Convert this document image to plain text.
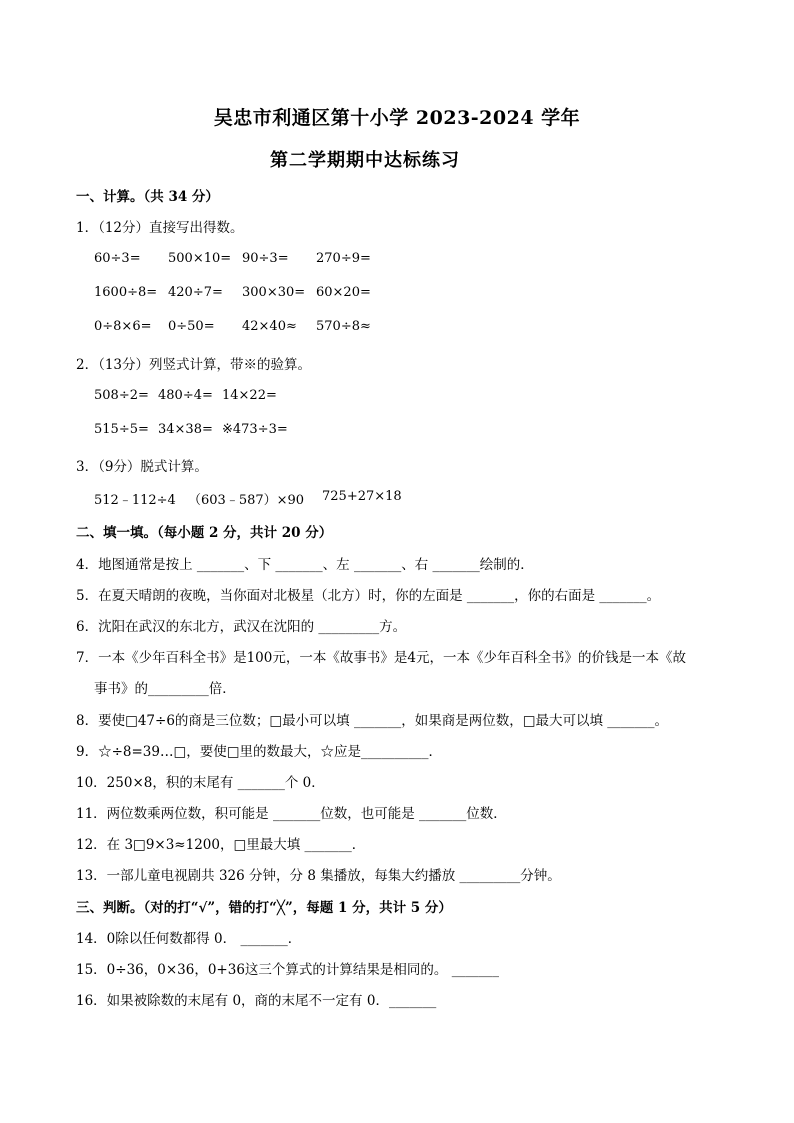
吴忠市利通区第十小学 2023-2024 学年
第二学期期中达标练习
一、计算。（共 34 分）
1．（12分）直接写出得数。
60÷3= 500×10= 90÷3= 270÷9=
1600÷8= 420÷7= 300×30= 60×20=
0÷8×6= 0÷50= 42×40≈ 570÷8≈
2．（13分）列竖式计算，带※的验算。
508÷2= 480÷4= 14×22=
515÷5= 34×38= ※473÷3=
3．（9分）脱式计算。
512﹣112÷4 （603﹣587）×90 725+27×18
二、填一填。（每小题 2 分，共计 20 分）
4．地图通常是按上 _______、下 _______、左 _______、右 _______绘制的．
5．在夏天晴朗的夜晚，当你面对北极星（北方）时，你的左面是 _______，你的右面是 _______。
6．沈阳在武汉的东北方，武汉在沈阳的 _________方。
7．一本《少年百科全书》是100元，一本《故事书》是4元，一本《少年百科全书》的价钱是一本《故
事书》的_________倍．
8．要使□47÷6的商是三位数；□最小可以填 _______，如果商是两位数，□最大可以填 _______。
9．☆÷8=39…□，要使□里的数最大，☆应是__________．
10．250×8，积的末尾有 _______个 0．
11．两位数乘两位数，积可能是 _______位数，也可能是 _______位数．
12．在 3□9×3≈1200，□里最大填 _______．
13．一部儿童电视剧共 326 分钟，分 8 集播放，每集大约播放 _________分钟。
三、判断。（对的打“√”，错的打“╳”，每题 1 分，共计 5 分）
14．0除以任何数都得 0． _______．
15．0÷36，0×36，0+36这三个算式的计算结果是相同的。 _______
16．如果被除数的末尾有 0，商的末尾不一定有 0．_______
